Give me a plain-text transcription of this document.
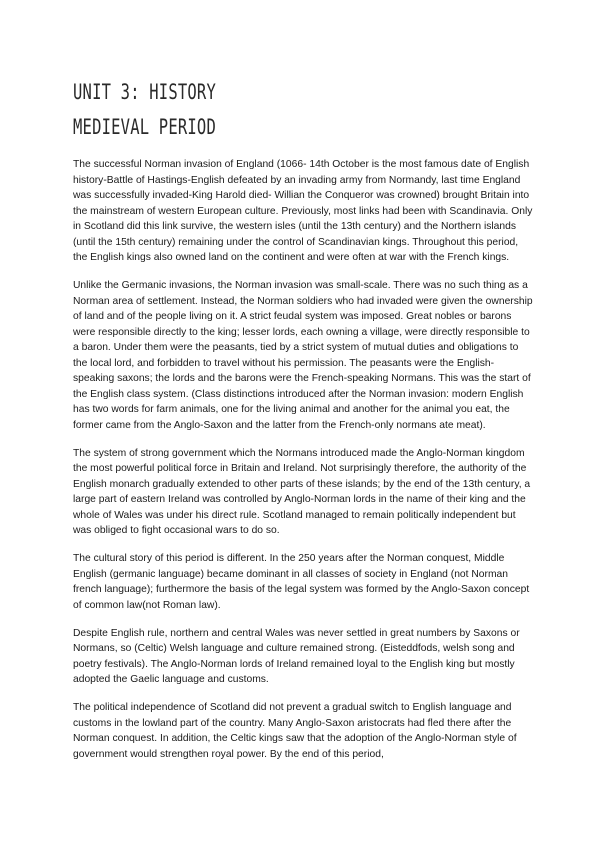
UNIT 3: HISTORY
MEDIEVAL PERIOD

The successful Norman invasion of England (1066- 14th October is the most famous date of English history-Battle of Hastings-English defeated by an invading army from Normandy, last time England was successfully invaded-King Harold died- Willian the Conqueror was crowned) brought Britain into the mainstream of western European culture. Previously, most links had been with Scandinavia. Only in Scotland did this link survive, the western isles (until the 13th century) and the Northern islands (until the 15th century) remaining under the control of Scandinavian kings. Throughout this period, the English kings also owned land on the continent and were often at war with the French kings.

Unlike the Germanic invasions, the Norman invasion was small-scale. There was no such thing as a Norman area of settlement. Instead, the Norman soldiers who had invaded were given the ownership of land and of the people living on it. A strict feudal system was imposed. Great nobles or barons were responsible directly to the king; lesser lords, each owning a village, were directly responsible to a baron. Under them were the peasants, tied by a strict system of mutual duties and obligations to the local lord, and forbidden to travel without his permission. The peasants were the English-speaking saxons; the lords and the barons were the French-speaking Normans. This was the start of the English class system. (Class distinctions introduced after the Norman invasion: modern English has two words for farm animals, one for the living animal and another for the animal you eat, the former came from the Anglo-Saxon and the latter from the French-only normans ate meat).

The system of strong government which the Normans introduced made the Anglo-Norman kingdom the most powerful political force in Britain and Ireland. Not surprisingly therefore, the authority of the English monarch gradually extended to other parts of these islands; by the end of the 13th century, a large part of eastern Ireland was controlled by Anglo-Norman lords in the name of their king and the whole of Wales was under his direct rule. Scotland managed to remain politically independent but was obliged to fight occasional wars to do so.

The cultural story of this period is different. In the 250 years after the Norman conquest, Middle English (germanic language) became dominant in all classes of society in England (not Norman french language); furthermore the basis of the legal system was formed by the Anglo-Saxon concept of common law(not Roman law).

Despite English rule, northern and central Wales was never settled in great numbers by Saxons or Normans, so (Celtic) Welsh language and culture remained strong. (Eisteddfods, welsh song and poetry festivals). The Anglo-Norman lords of Ireland remained loyal to the English king but mostly adopted the Gaelic language and customs.

The political independence of Scotland did not prevent a gradual switch to English language and customs in the lowland part of the country. Many Anglo-Saxon aristocrats had fled there after the Norman conquest. In addition, the Celtic kings saw that the adoption of the Anglo-Norman style of government would strengthen royal power. By the end of this period,
